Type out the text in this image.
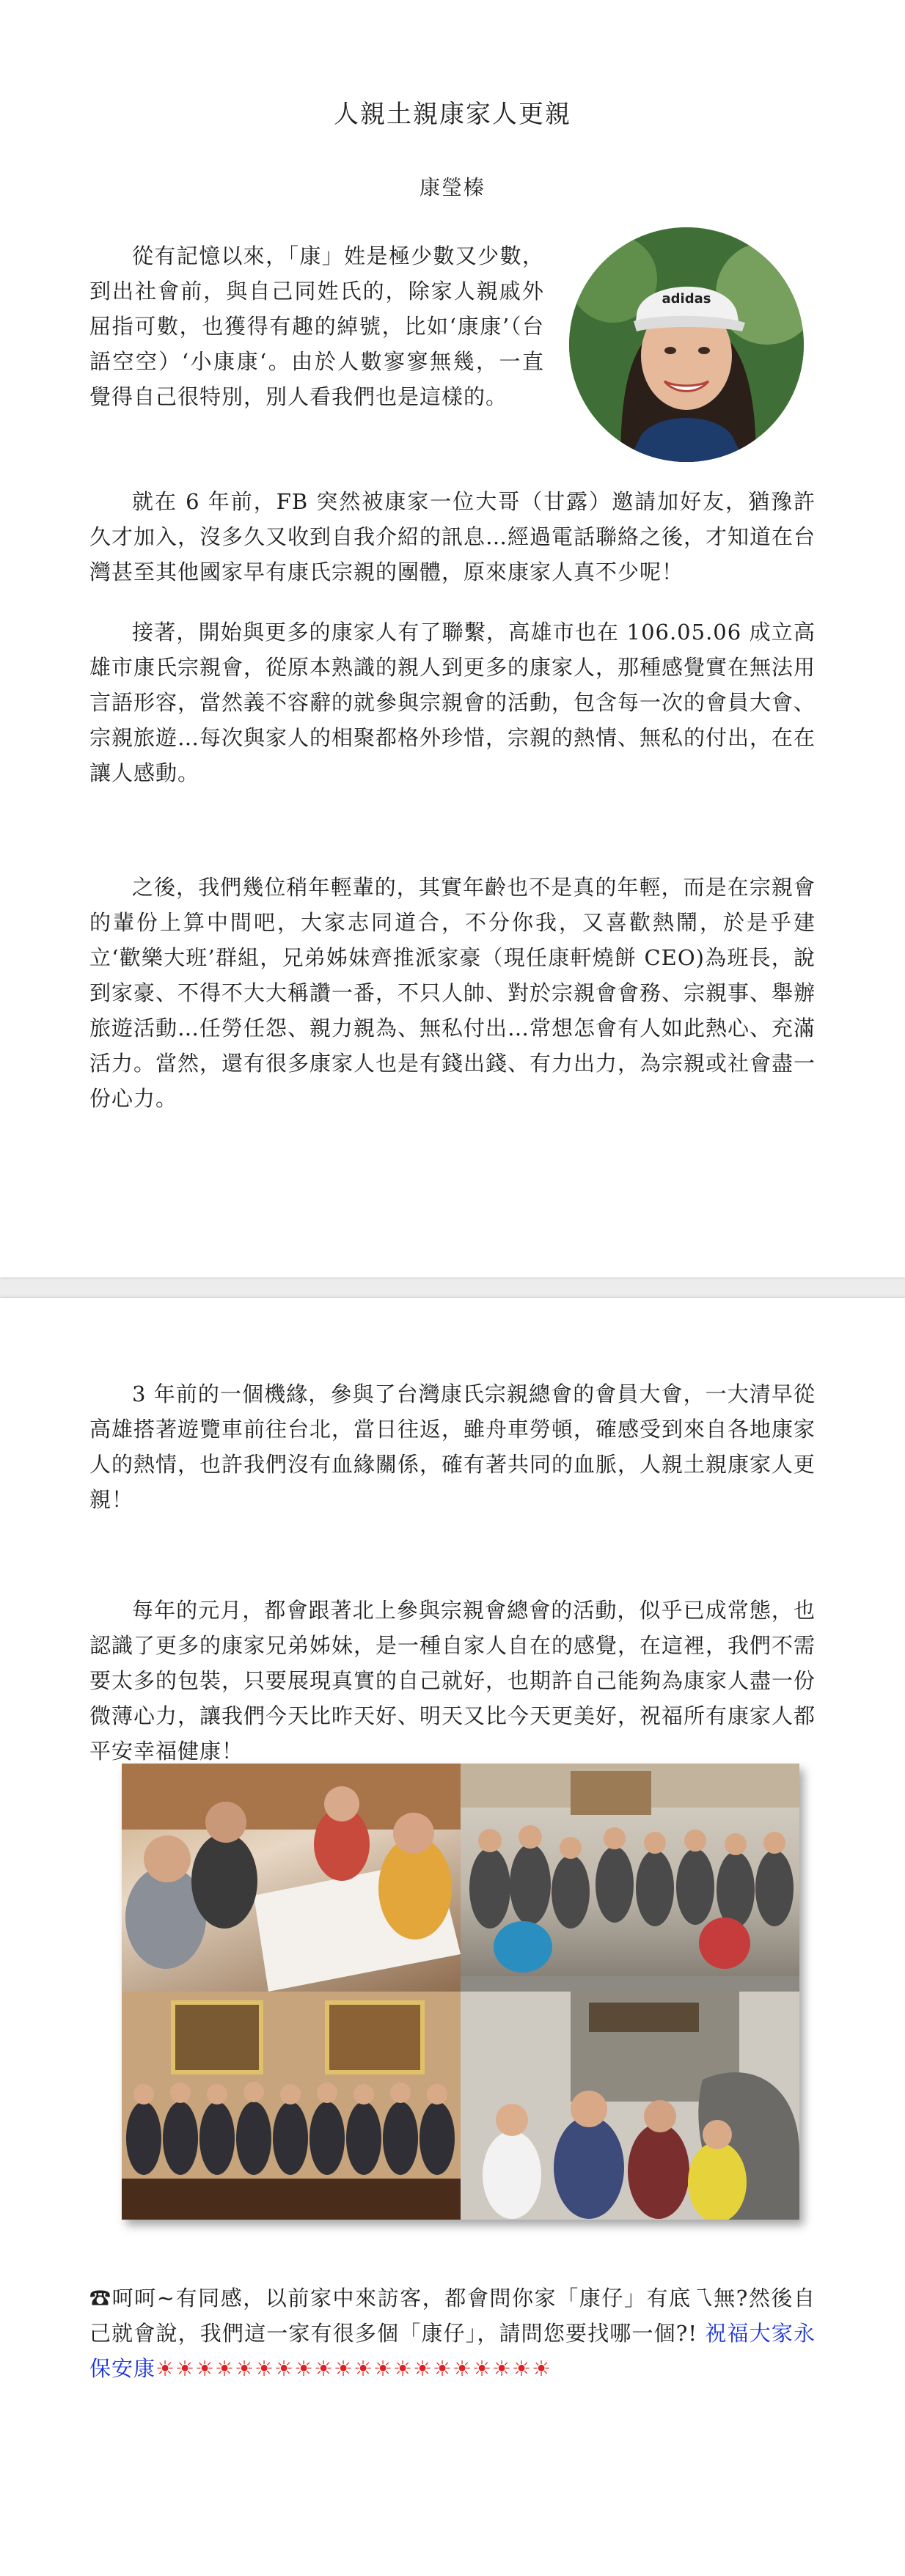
人親土親康家人更親
康瑩榛

從有記憶以來，「康」姓是極少數又少數，到出社會前，與自己同姓氏的，除家人親戚外屈指可數，也獲得有趣的綽號，比如‘康康’（台語空空）‘小康康‘。由於人數寥寥無幾，一直覺得自己很特別，別人看我們也是這樣的。

adidas

就在 6 年前，FB 突然被康家一位大哥（甘露）邀請加好友，猶豫許久才加入，沒多久又收到自我介紹的訊息…經過電話聯絡之後，才知道在台灣甚至其他國家早有康氏宗親的團體，原來康家人真不少呢！

接著，開始與更多的康家人有了聯繫，高雄市也在 106.05.06 成立高雄市康氏宗親會，從原本熟識的親人到更多的康家人，那種感覺實在無法用言語形容，當然義不容辭的就參與宗親會的活動，包含每一次的會員大會、宗親旅遊…每次與家人的相聚都格外珍惜，宗親的熱情、無私的付出，在在讓人感動。

之後，我們幾位稍年輕輩的，其實年齡也不是真的年輕，而是在宗親會的輩份上算中間吧，大家志同道合，不分你我，又喜歡熱鬧，於是乎建立‘歡樂大班’群組，兄弟姊妹齊推派家豪（現任康軒燒餅 CEO)為班長，說到家豪、不得不大大稱讚一番，不只人帥、對於宗親會會務、宗親事、舉辦旅遊活動…任勞任怨、親力親為、無私付出…常想怎會有人如此熱心、充滿活力。當然，還有很多康家人也是有錢出錢、有力出力，為宗親或社會盡一份心力。

3 年前的一個機緣，參與了台灣康氏宗親總會的會員大會，一大清早從高雄搭著遊覽車前往台北，當日往返，雖舟車勞頓，確感受到來自各地康家人的熱情，也許我們沒有血緣關係，確有著共同的血脈，人親土親康家人更親！

每年的元月，都會跟著北上參與宗親會總會的活動，似乎已成常態，也認識了更多的康家兄弟姊妹，是一種自家人自在的感覺，在這裡，我們不需要太多的包裝，只要展現真實的自己就好，也期許自己能夠為康家人盡一份微薄心力，讓我們今天比昨天好、明天又比今天更美好，祝福所有康家人都平安幸福健康！

☎呵呵~有同感，以前家中來訪客，都會問你家「康仔」有底乁無?然後自己就會說，我們這一家有很多個「康仔」，請問您要找哪一個?! 祝福大家永保安康☀☀☀☀☀☀☀☀☀☀☀☀☀☀☀☀☀☀☀☀
